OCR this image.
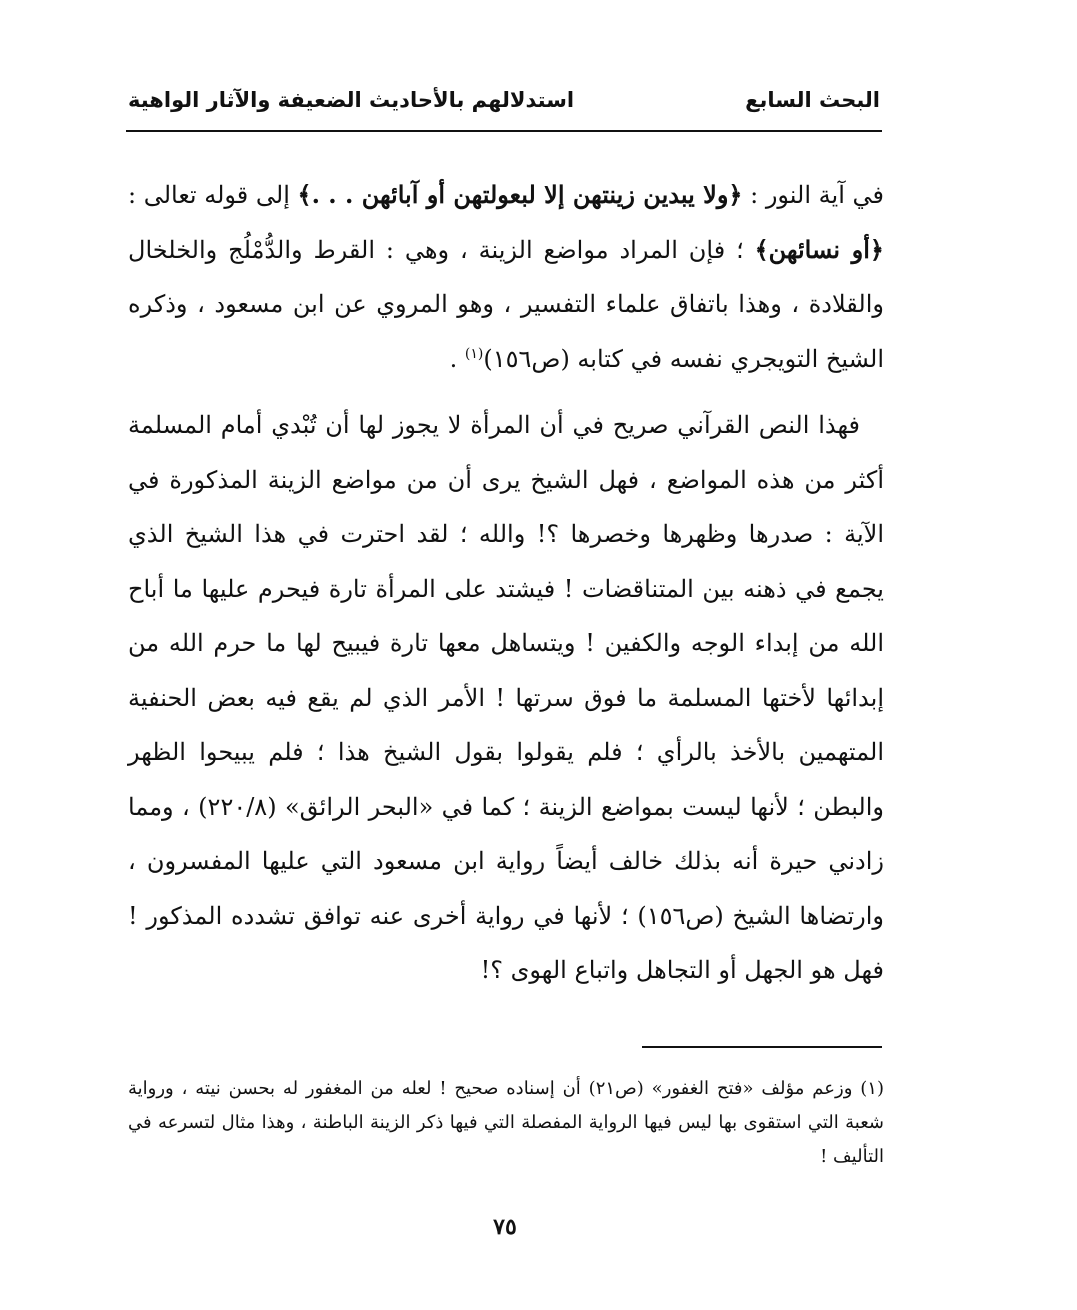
البحث السابع
استدلالهم بالأحاديث الضعيفة والآثار الواهية

في آية النور : ﴿ولا يبدين زينتهن إلا لبعولتهن أو آبائهن . . .﴾ إلى قوله تعالى : ﴿أو نسائهن﴾ ؛ فإن المراد مواضع الزينة ، وهي : القرط والدُّمْلُج والخلخال والقلادة ، وهذا باتفاق علماء التفسير ، وهو المروي عن ابن مسعود ، وذكره الشيخ التويجري نفسه في كتابه (ص١٥٦)$^{(١)}$ .

فهذا النص القرآني صريح في أن المرأة لا يجوز لها أن تُبْدي أمام المسلمة أكثر من هذه المواضع ، فهل الشيخ يرى أن من مواضع الزينة المذكورة في الآية : صدرها وظهرها وخصرها ؟! والله ؛ لقد احترت في هذا الشيخ الذي يجمع في ذهنه بين المتناقضات ! فيشتد على المرأة تارة فيحرم عليها ما أباح الله من إبداء الوجه والكفين ! ويتساهل معها تارة فيبيح لها ما حرم الله من إبدائها لأختها المسلمة ما فوق سرتها ! الأمر الذي لم يقع فيه بعض الحنفية المتهمين بالأخذ بالرأي ؛ فلم يقولوا بقول الشيخ هذا ؛ فلم يبيحوا الظهر والبطن ؛ لأنها ليست بمواضع الزينة ؛ كما في «البحر الرائق» (٢٢٠/٨) ، ومما زادني حيرة أنه بذلك خالف أيضاً رواية ابن مسعود التي عليها المفسرون ، وارتضاها الشيخ (ص١٥٦) ؛ لأنها في رواية أخرى عنه توافق تشدده المذكور ! فهل هو الجهل أو التجاهل واتباع الهوى ؟!

(١) وزعم مؤلف «فتح الغفور» (ص٢١) أن إسناده صحيح ! لعله من المغفور له بحسن نيته ، ورواية شعبة التي استقوى بها ليس فيها الرواية المفصلة التي فيها ذكر الزينة الباطنة ، وهذا مثال لتسرعه في التأليف !

٧٥
